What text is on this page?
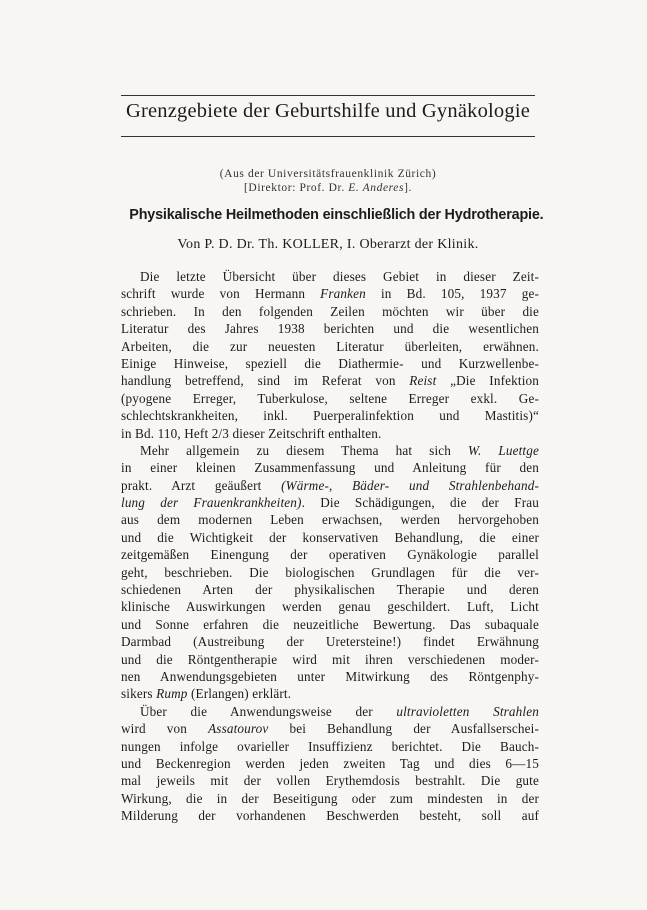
Grenzgebiete der Geburtshilfe und Gynäkologie
(Aus der Universitätsfrauenklinik Zürich)
[Direktor: Prof. Dr. E. Anderes].
Physikalische Heilmethoden einschließlich der Hydrotherapie.
Von P. D. Dr. Th. KOLLER, I. Oberarzt der Klinik.
Die letzte Übersicht über dieses Gebiet in dieser Zeit-
schrift wurde von Hermann Franken in Bd. 105, 1937 ge-
schrieben. In den folgenden Zeilen möchten wir über die
Literatur des Jahres 1938 berichten und die wesentlichen
Arbeiten, die zur neuesten Literatur überleiten, erwähnen.
Einige Hinweise, speziell die Diathermie- und Kurzwellenbe-
handlung betreffend, sind im Referat von Reist „Die Infektion
(pyogene Erreger, Tuberkulose, seltene Erreger exkl. Ge-
schlechtskrankheiten, inkl. Puerperalinfektion und Mastitis)“
in Bd. 110, Heft 2/3 dieser Zeitschrift enthalten.
Mehr allgemein zu diesem Thema hat sich W. Luettge
in einer kleinen Zusammenfassung und Anleitung für den
prakt. Arzt geäußert (Wärme-, Bäder- und Strahlenbehand-
lung der Frauenkrankheiten). Die Schädigungen, die der Frau
aus dem modernen Leben erwachsen, werden hervorgehoben
und die Wichtigkeit der konservativen Behandlung, die einer
zeitgemäßen Einengung der operativen Gynäkologie parallel
geht, beschrieben. Die biologischen Grundlagen für die ver-
schiedenen Arten der physikalischen Therapie und deren
klinische Auswirkungen werden genau geschildert. Luft, Licht
und Sonne erfahren die neuzeitliche Bewertung. Das subaquale
Darmbad (Austreibung der Uretersteine!) findet Erwähnung
und die Röntgentherapie wird mit ihren verschiedenen moder-
nen Anwendungsgebieten unter Mitwirkung des Röntgenphy-
sikers Rump (Erlangen) erklärt.
Über die Anwendungsweise der ultravioletten Strahlen
wird von Assatourov bei Behandlung der Ausfallserschei-
nungen infolge ovarieller Insuffizienz berichtet. Die Bauch-
und Beckenregion werden jeden zweiten Tag und dies 6—15
mal jeweils mit der vollen Erythemdosis bestrahlt. Die gute
Wirkung, die in der Beseitigung oder zum mindesten in der
Milderung der vorhandenen Beschwerden besteht, soll auf
